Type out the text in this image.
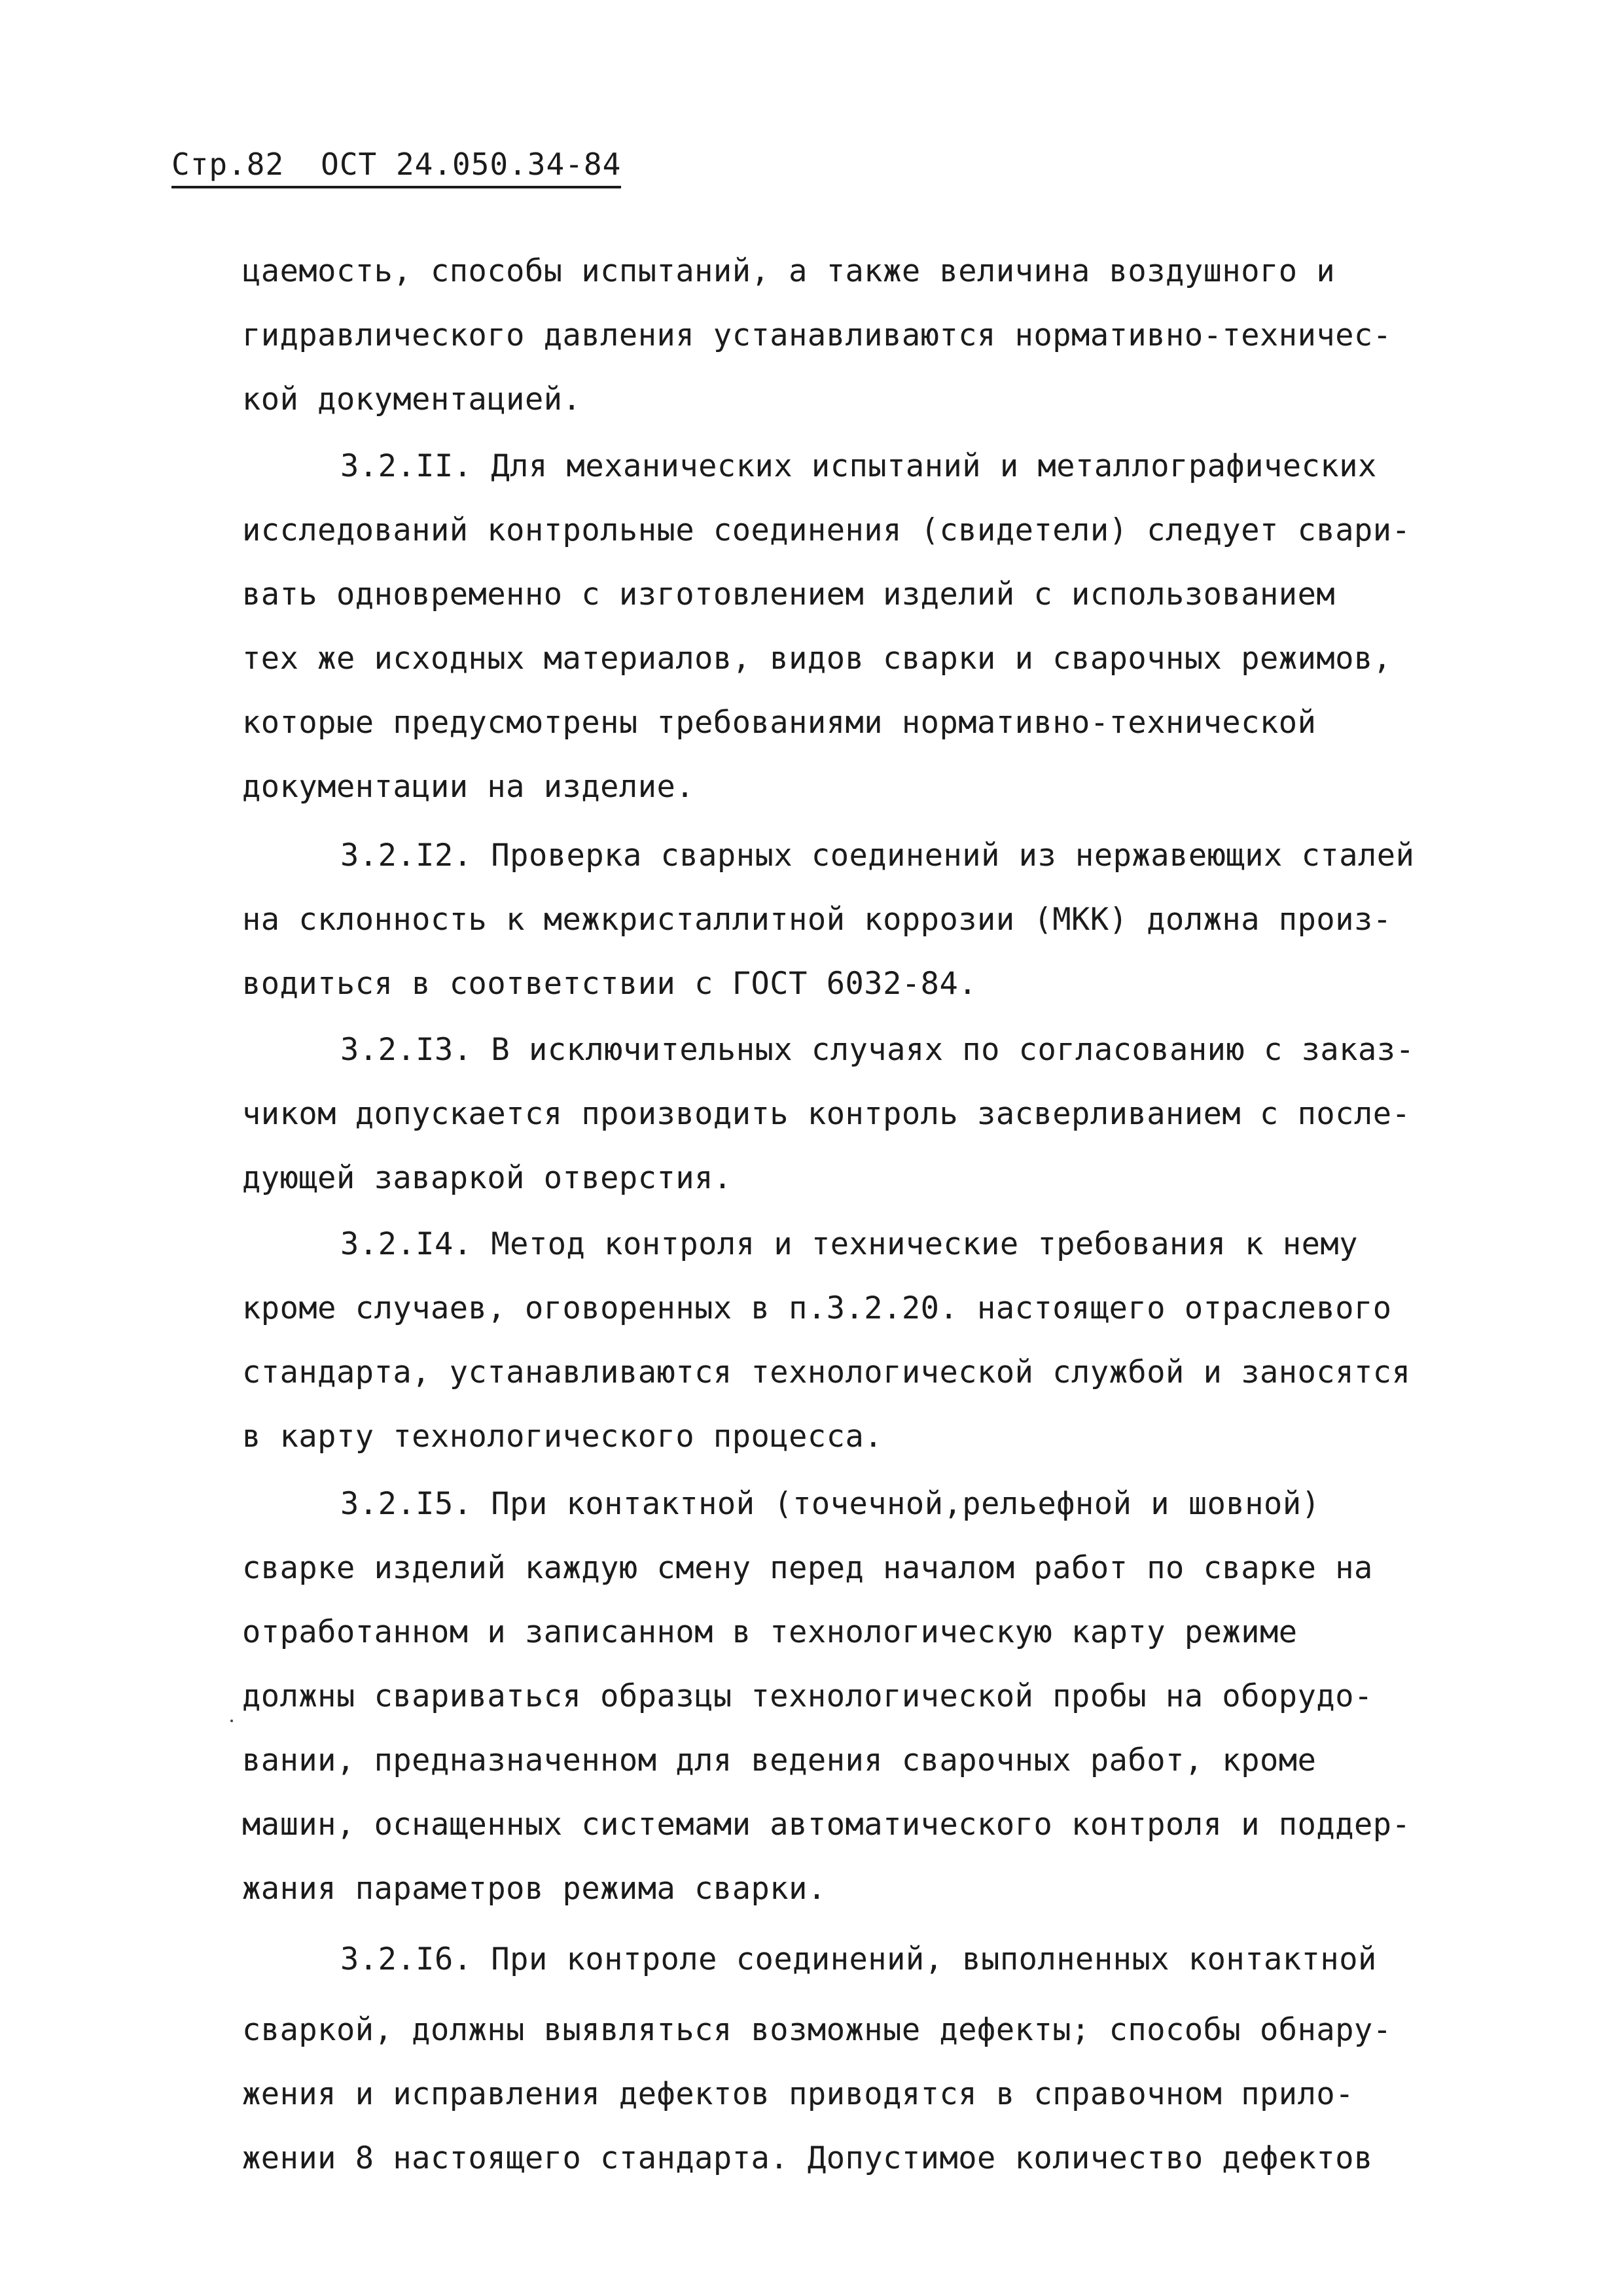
Стр.82 ОСТ 24.050.34-84
цаемость, способы испытаний, а также величина воздушного и
гидравлического давления устанавливаются нормативно-техничес-
кой документацией.
3.2.II. Для механических испытаний и металлографических
исследований контрольные соединения (свидетели) следует свари-
вать одновременно с изготовлением изделий с использованием
тех же исходных материалов, видов сварки и сварочных режимов,
которые предусмотрены требованиями нормативно-технической
документации на изделие.
3.2.I2. Проверка сварных соединений из нержавеющих сталей
на склонность к межкристаллитной коррозии (МКК) должна произ-
водиться в соответствии с ГОСТ 6032-84.
3.2.I3. В исключительных случаях по согласованию с заказ-
чиком допускается производить контроль засверливанием с после-
дующей заваркой отверстия.
3.2.I4. Метод контроля и технические требования к нему
кроме случаев, оговоренных в п.3.2.20. настоящего отраслевого
стандарта, устанавливаются технологической службой и заносятся
в карту технологического процесса.
3.2.I5. При контактной (точечной,рельефной и шовной)
сварке изделий каждую смену перед началом работ по сварке на
отработанном и записанном в технологическую карту режиме
должны свариваться образцы технологической пробы на оборудо-
вании, предназначенном для ведения сварочных работ, кроме
машин, оснащенных системами автоматического контроля и поддер-
жания параметров режима сварки.
3.2.I6. При контроле соединений, выполненных контактной
сваркой, должны выявляться возможные дефекты; способы обнару-
жения и исправления дефектов приводятся в справочном прило-
жении 8 настоящего стандарта. Допустимое количество дефектов
